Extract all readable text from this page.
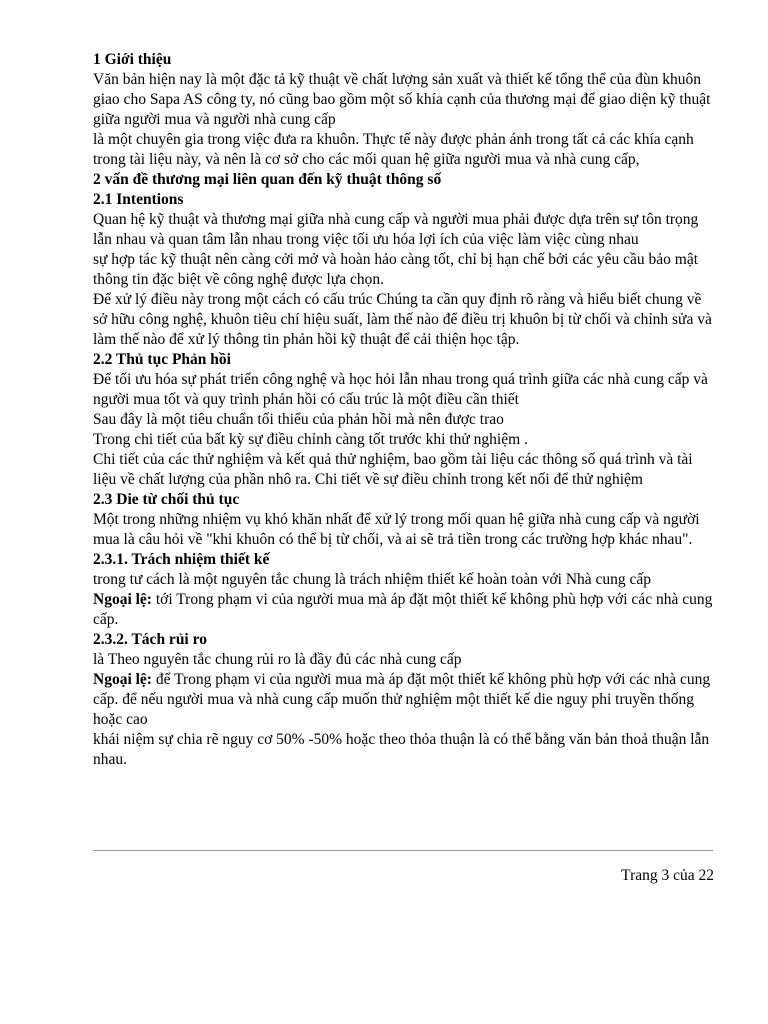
1 Giới thiệu

Văn bản hiện nay là một đặc tả kỹ thuật về chất lượng sản xuất và thiết kế tổng thể của đùn khuôn giao cho Sapa AS công ty, nó cũng bao gồm một số khía cạnh của thương mại để giao diện kỹ thuật giữa người mua và người nhà cung cấp

là một chuyên gia trong việc đưa ra khuôn. Thực tế này được phản ánh trong tất cả các khía cạnh trong tài liệu này, và nên là cơ sở cho các mối quan hệ giữa người mua và nhà cung cấp,

2 vấn đề thương mại liên quan đến kỹ thuật thông số

2.1 Intentions

Quan hệ kỹ thuật và thương mại giữa nhà cung cấp và người mua phải được dựa trên sự tôn trọng lẫn nhau và quan tâm lẫn nhau trong việc tối ưu hóa lợi ích của việc làm việc cùng nhau

sự hợp tác kỹ thuật nên càng cởi mở và hoàn hảo càng tốt, chỉ bị hạn chế bởi các yêu cầu bảo mật thông tin đặc biệt về công nghệ được lựa chọn.

Để xử lý điều này trong một cách có cấu trúc Chúng ta cần quy định rõ ràng và hiểu biết chung về sở hữu công nghệ, khuôn tiêu chí hiệu suất, làm thế nào để điều trị khuôn bị từ chối và chỉnh sửa và làm thế nào để xử lý thông tin phản hồi kỹ thuật để cải thiện học tập.

2.2 Thủ tục Phản hồi

Để tối ưu hóa sự phát triển công nghệ và học hỏi lẫn nhau trong quá trình giữa các nhà cung cấp và người mua tốt và quy trình phản hồi có cấu trúc là một điều cần thiết

Sau đây là một tiêu chuẩn tối thiểu của phản hồi mà nên được trao

Trong chi tiết của bất kỳ sự điều chỉnh càng tốt trước khi thử nghiệm .

Chi tiết của các thử nghiệm và kết quả thử nghiệm, bao gồm tài liệu các thông số quá trình và tài liệu về chất lượng của phần nhô ra. Chi tiết về sự điều chỉnh trong kết nối để thử nghiệm

2.3 Die từ chối thủ tục

Một trong những nhiệm vụ khó khăn nhất để xử lý trong mối quan hệ giữa nhà cung cấp và người mua là câu hỏi về "khi khuôn có thể bị từ chối, và ai sẽ trả tiền trong các trường hợp khác nhau".

2.3.1. Trách nhiệm thiết kế

trong tư cách là một nguyên tắc chung là trách nhiệm thiết kế hoàn toàn với Nhà cung cấp

Ngoại lệ: tới Trong phạm vi của người mua mà áp đặt một thiết kế không phù hợp với các nhà cung cấp.

2.3.2. Tách rủi ro

là Theo nguyên tắc chung rủi ro là đầy đủ các nhà cung cấp

Ngoại lệ: để Trong phạm vi của người mua mà áp đặt một thiết kế không phù hợp với các nhà cung cấp. để nếu người mua và nhà cung cấp muốn thử nghiệm một thiết kế die nguy phi truyền thống hoặc cao

khái niệm sự chia rẽ nguy cơ 50% -50% hoặc theo thỏa thuận là có thể bằng văn bản thoả thuận lẫn nhau.

Trang 3 của 22
